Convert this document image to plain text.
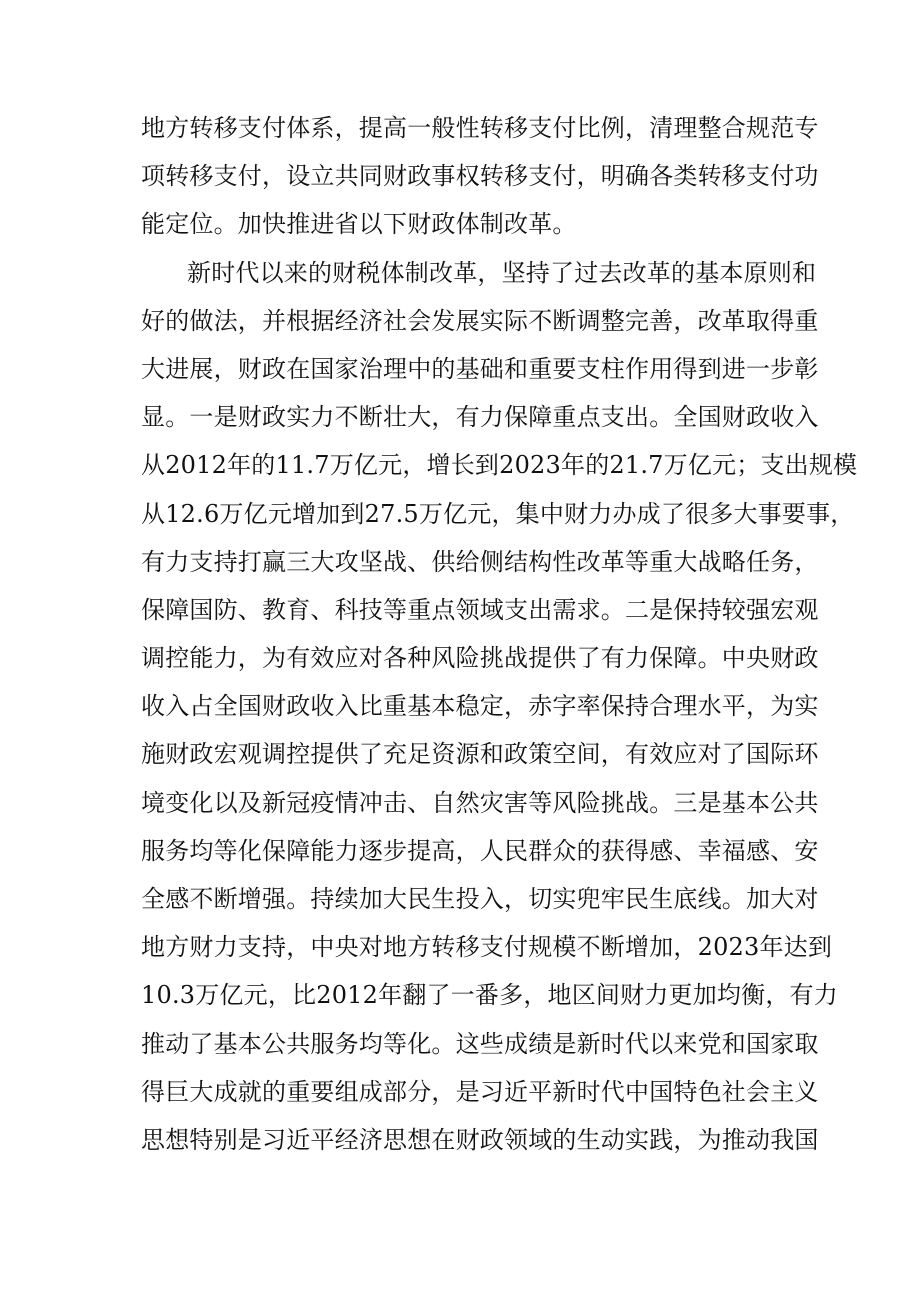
地方转移支付体系，提高一般性转移支付比例，清理整合规范专
项转移支付，设立共同财政事权转移支付，明确各类转移支付功
能定位。加快推进省以下财政体制改革。
新时代以来的财税体制改革，坚持了过去改革的基本原则和
好的做法，并根据经济社会发展实际不断调整完善，改革取得重
大进展，财政在国家治理中的基础和重要支柱作用得到进一步彰
显。一是财政实力不断壮大，有力保障重点支出。全国财政收入
从2012年的11.7万亿元，增长到2023年的21.7万亿元；支出规模
从12.6万亿元增加到27.5万亿元，集中财力办成了很多大事要事，
有力支持打赢三大攻坚战、供给侧结构性改革等重大战略任务，
保障国防、教育、科技等重点领域支出需求。二是保持较强宏观
调控能力，为有效应对各种风险挑战提供了有力保障。中央财政
收入占全国财政收入比重基本稳定，赤字率保持合理水平，为实
施财政宏观调控提供了充足资源和政策空间，有效应对了国际环
境变化以及新冠疫情冲击、自然灾害等风险挑战。三是基本公共
服务均等化保障能力逐步提高，人民群众的获得感、幸福感、安
全感不断增强。持续加大民生投入，切实兜牢民生底线。加大对
地方财力支持，中央对地方转移支付规模不断增加，2023年达到
10.3万亿元，比2012年翻了一番多，地区间财力更加均衡，有力
推动了基本公共服务均等化。这些成绩是新时代以来党和国家取
得巨大成就的重要组成部分，是习近平新时代中国特色社会主义
思想特别是习近平经济思想在财政领域的生动实践，为推动我国
